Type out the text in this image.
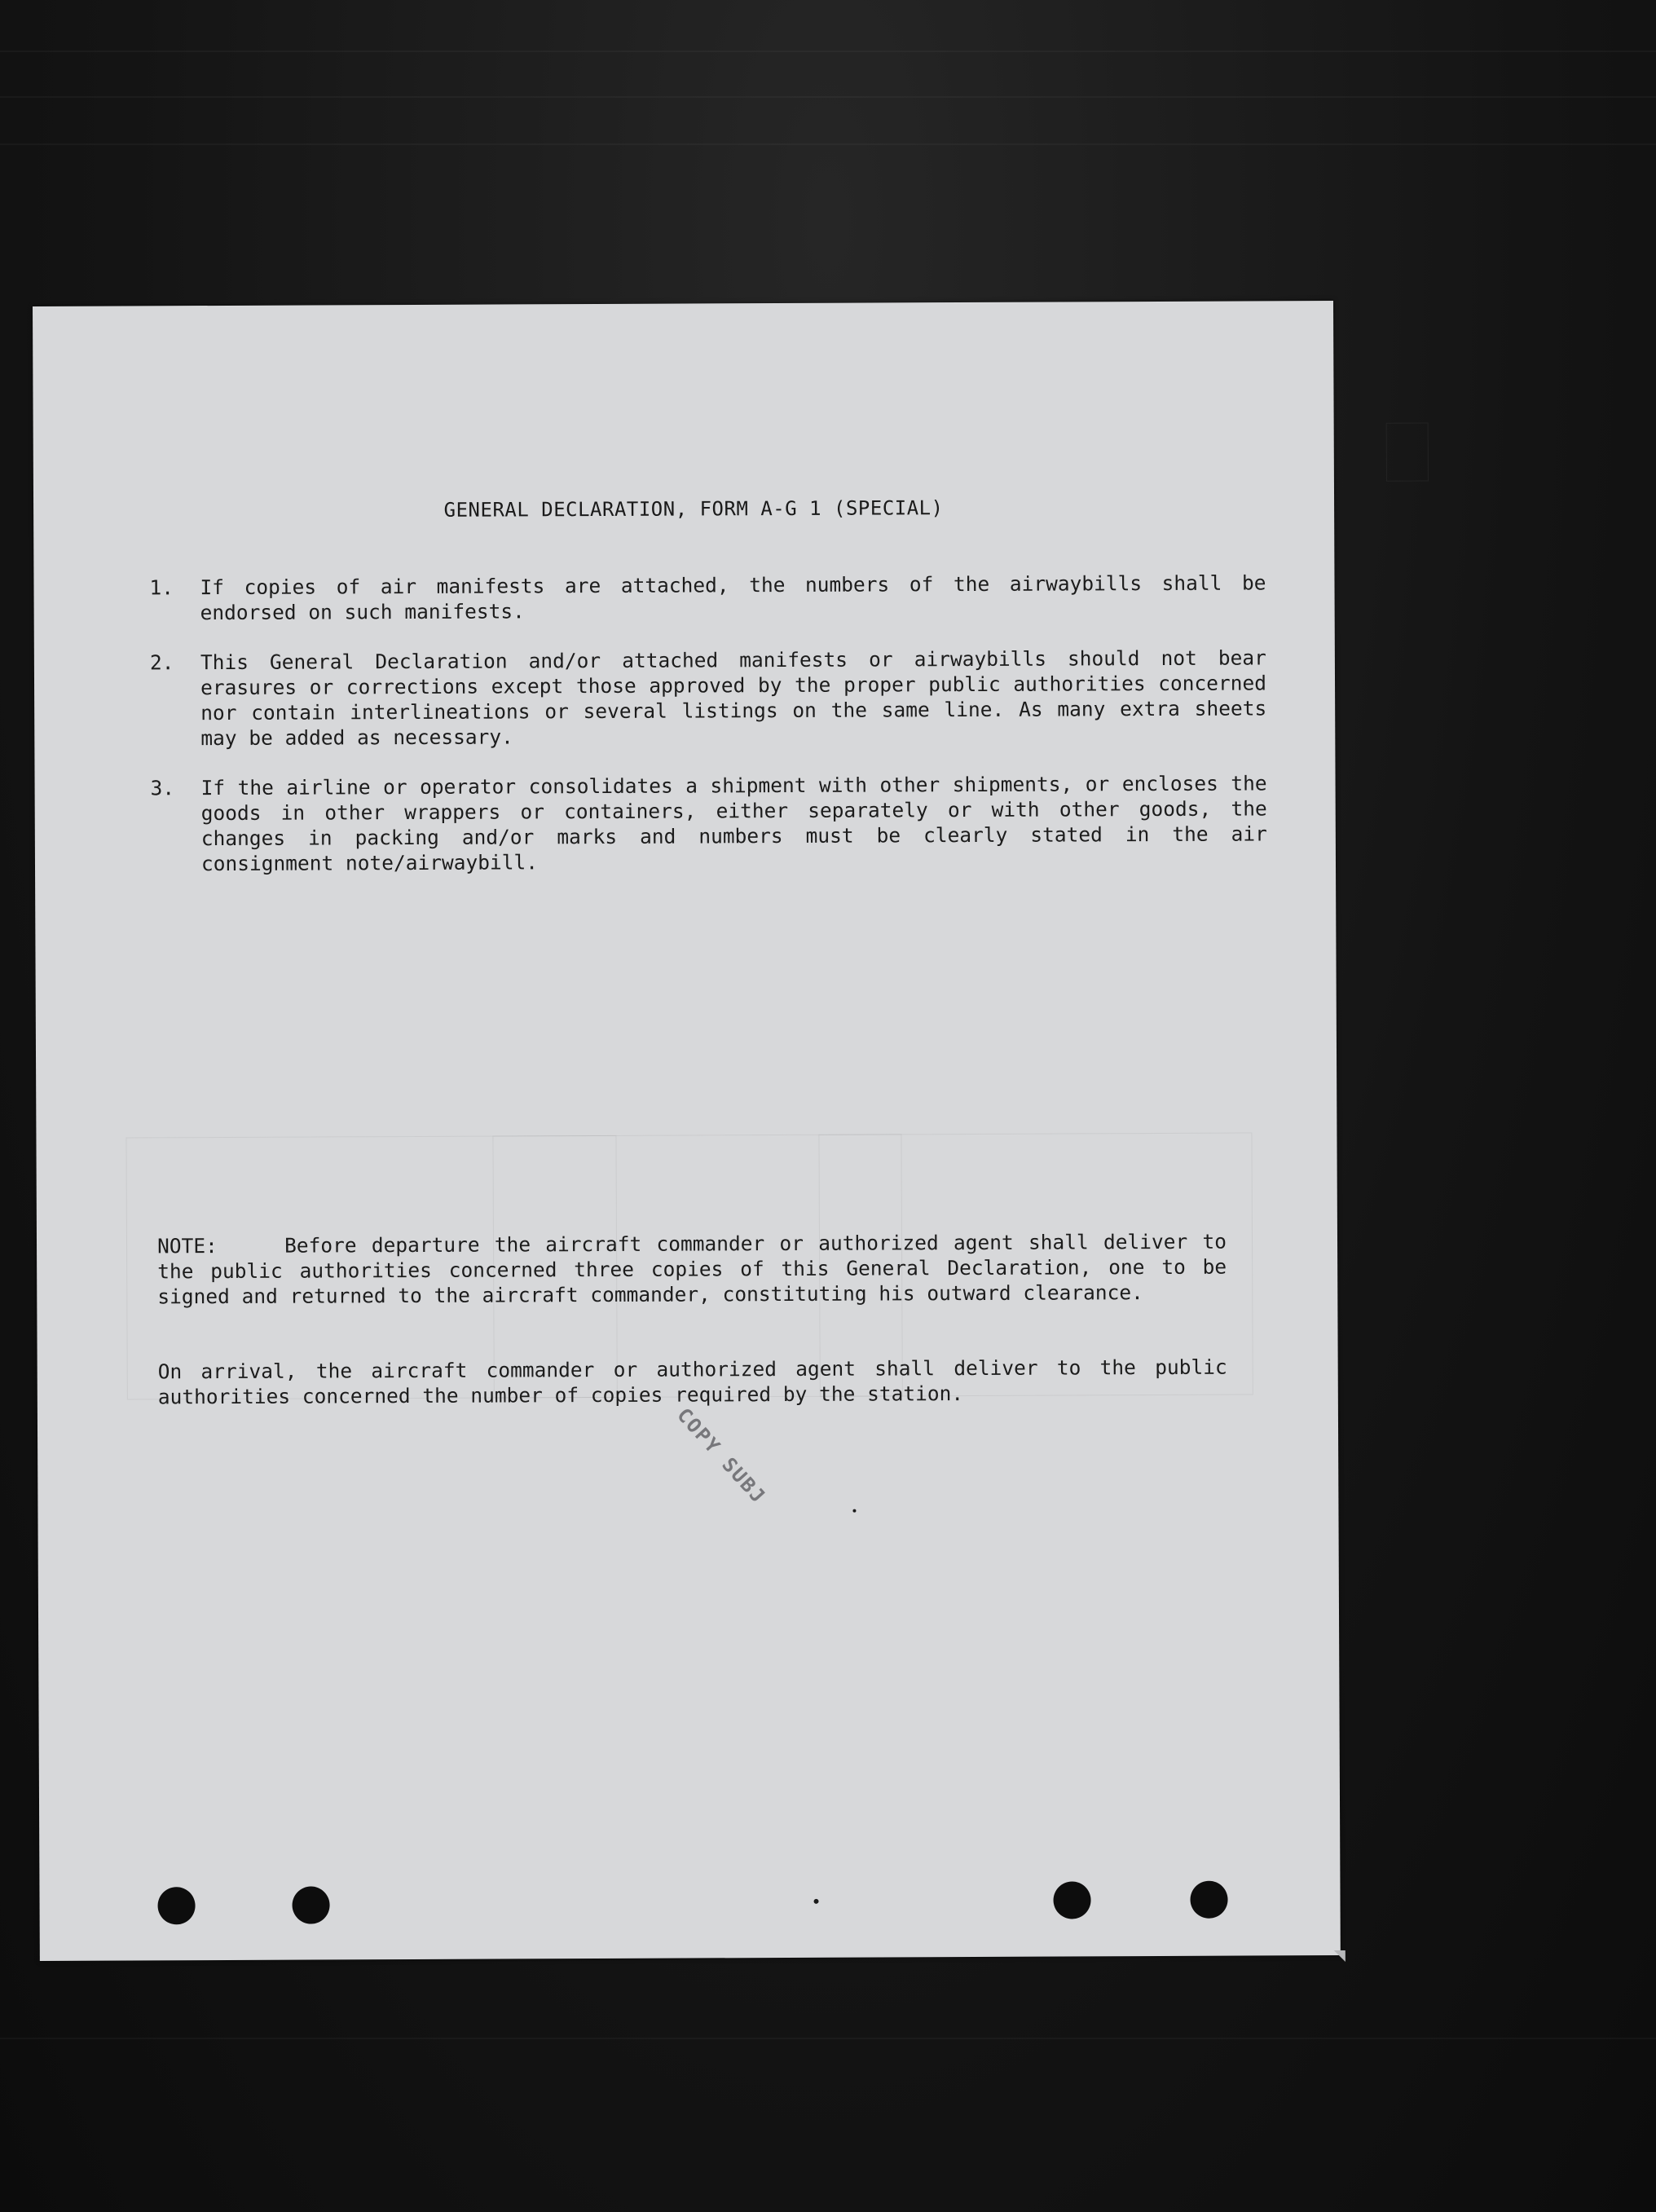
GENERAL DECLARATION, FORM A-G 1 (SPECIAL)
1. If copies of air manifests are attached, the numbers of the airwaybills shall be endorsed on such manifests.
2. This General Declaration and/or attached manifests or airwaybills should not bear erasures or corrections except those approved by the proper public authorities concerned nor contain interlineations or several listings on the same line. As many extra sheets may be added as necessary.
3. If the airline or operator consolidates a shipment with other shipments, or encloses the goods in other wrappers or containers, either separately or with other goods, the changes in packing and/or marks and numbers must be clearly stated in the air consignment note/airwaybill.

NOTE:	Before departure the aircraft commander or authorized agent shall deliver to the public authorities concerned three copies of this General Declaration, one to be signed and returned to the aircraft commander, constituting his outward clearance.

On arrival, the aircraft commander or authorized agent shall deliver to the public authorities concerned the number of copies required by the station.

COPY SUBJ
